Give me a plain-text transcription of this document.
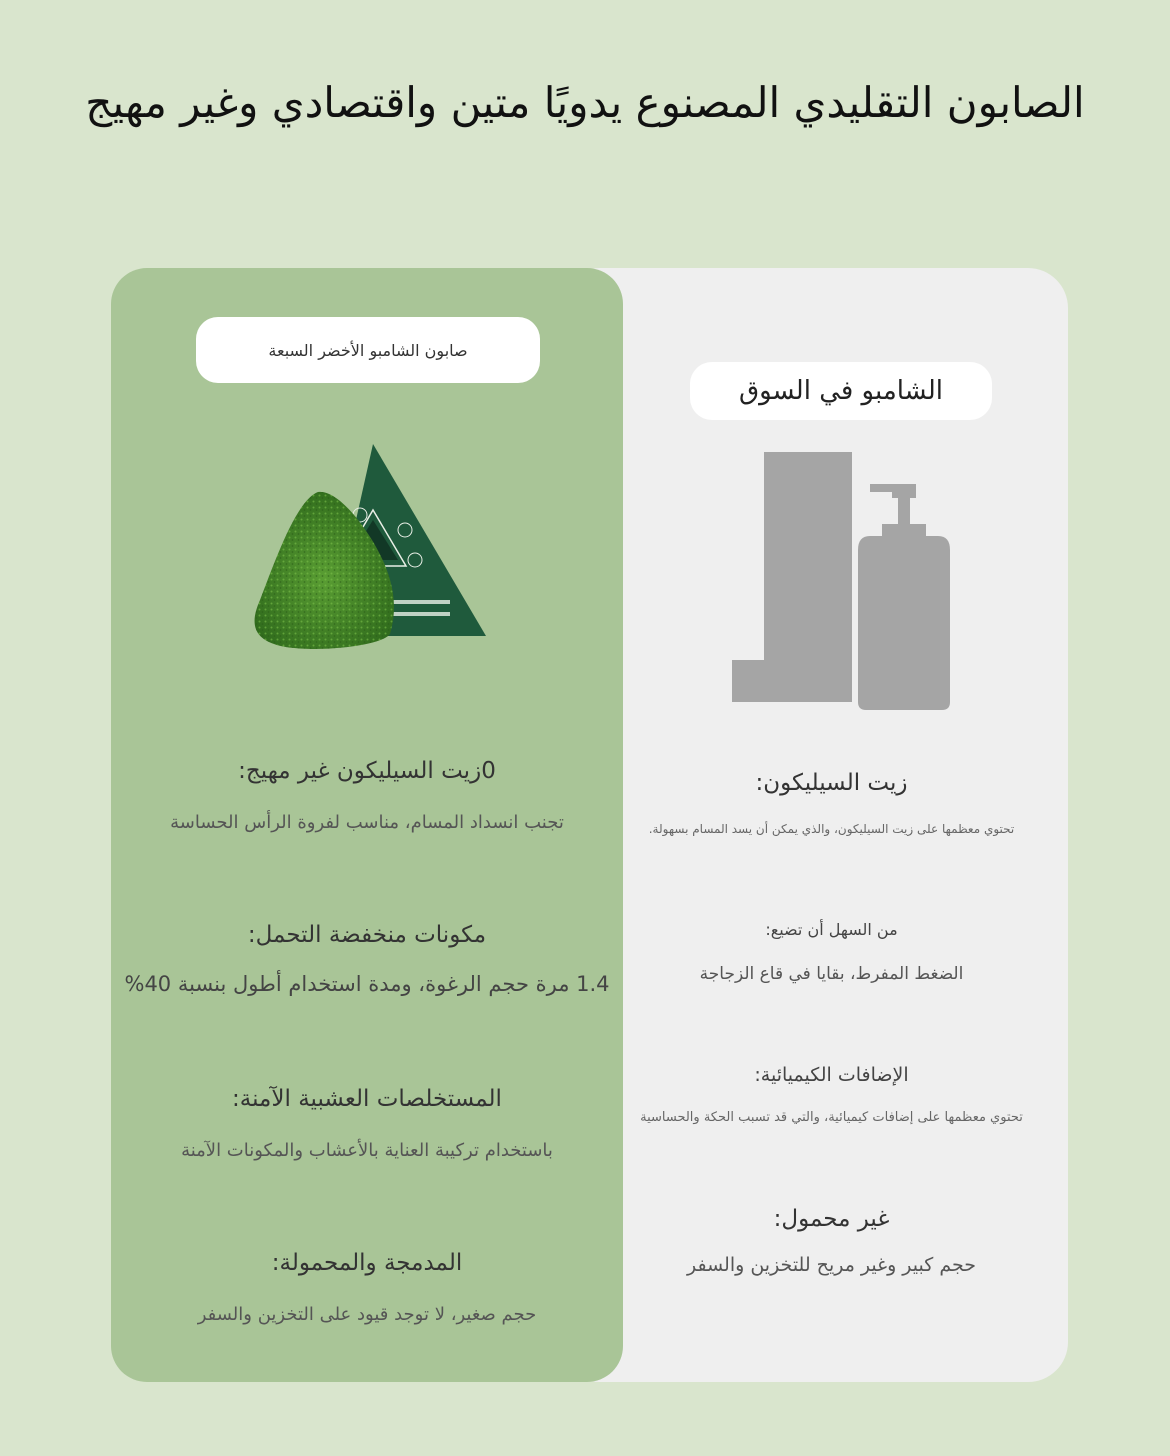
الصابون التقليدي المصنوع يدويًا متين واقتصادي وغير مهيج
صابون الشامبو الأخضر السبعة
الشامبو في السوق
0زيت السيليكون غير مهيج:
تجنب انسداد المسام، مناسب لفروة الرأس الحساسة
مكونات منخفضة التحمل:
1.4 مرة حجم الرغوة، ومدة استخدام أطول بنسبة 40%
المستخلصات العشبية الآمنة:
باستخدام تركيبة العناية بالأعشاب والمكونات الآمنة
المدمجة والمحمولة:
حجم صغير، لا توجد قيود على التخزين والسفر
زيت السيليكون:
تحتوي معظمها على زيت السيليكون، والذي يمكن أن يسد المسام بسهولة.
من السهل أن تضيع:
الضغط المفرط، بقايا في قاع الزجاجة
الإضافات الكيميائية:
تحتوي معظمها على إضافات كيميائية، والتي قد تسبب الحكة والحساسية
غير محمول:
حجم كبير وغير مريح للتخزين والسفر
